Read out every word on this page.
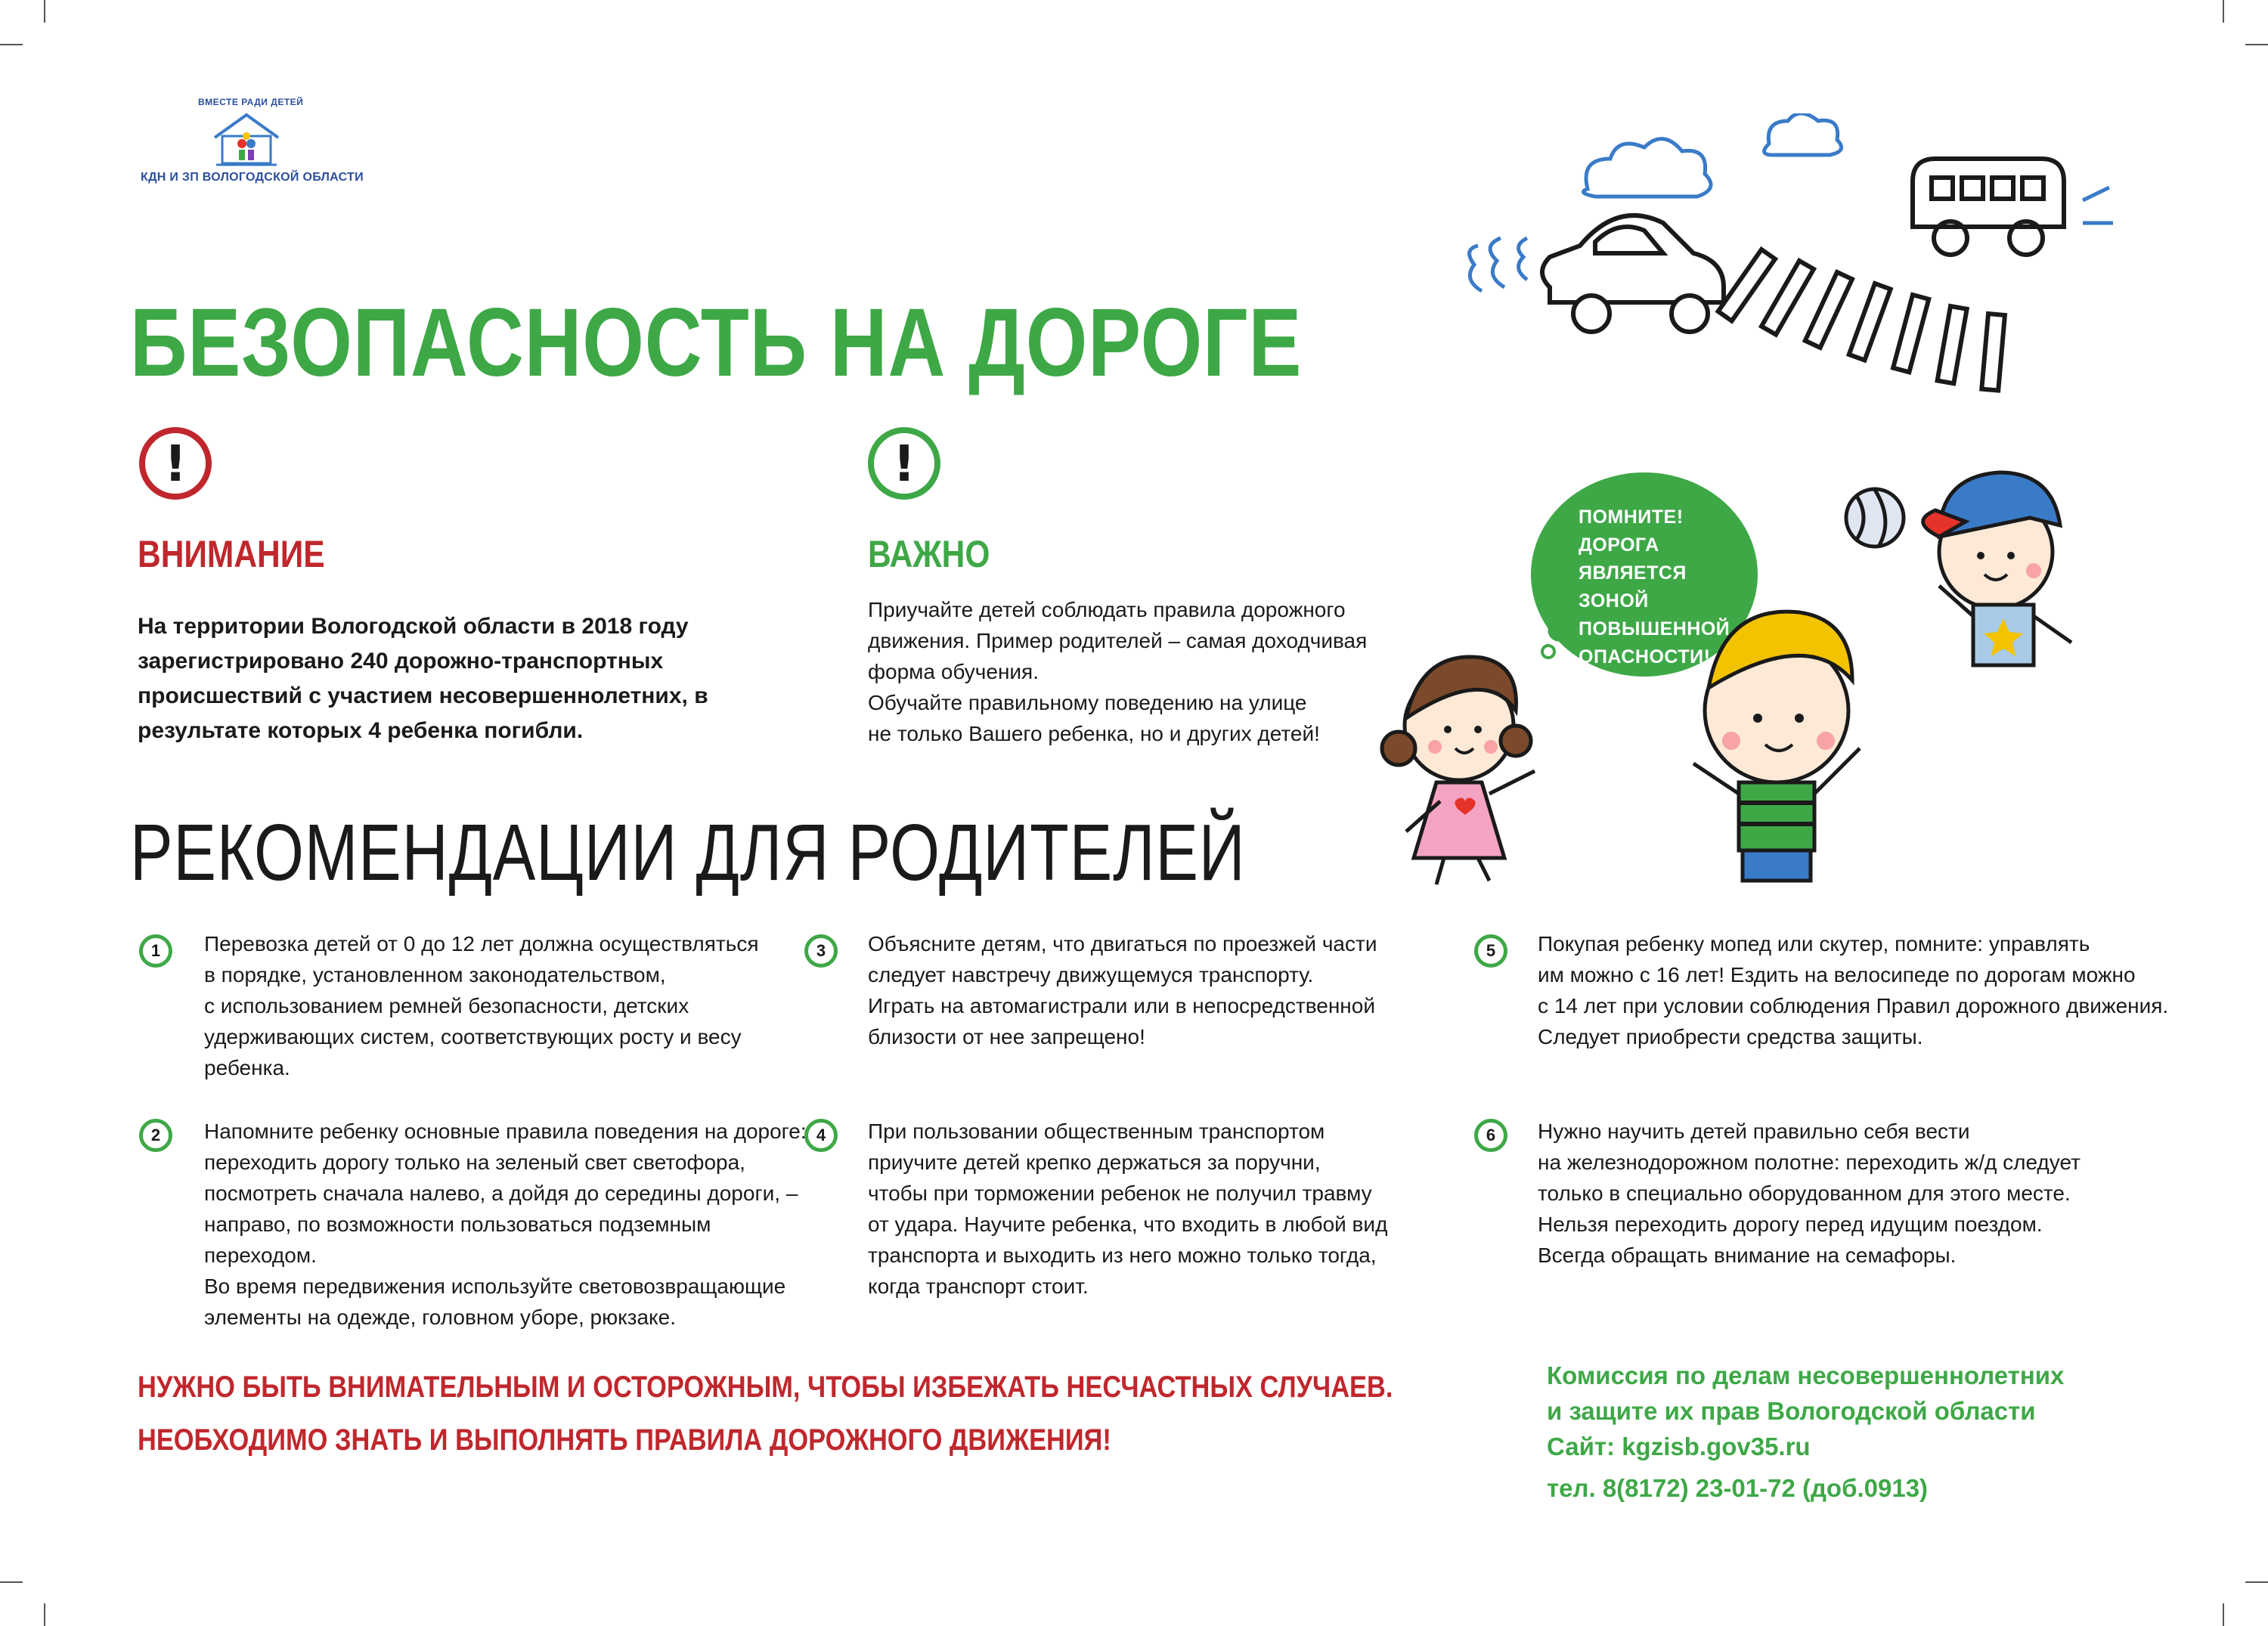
ВМЕСТЕ РАДИ ДЕТЕЙ
КДН И ЗП ВОЛОГОДСКОЙ ОБЛАСТИ
БЕЗОПАСНОСТЬ НА ДОРОГЕ
!
ВНИМАНИЕ
На территории Вологодской области в 2018 году
зарегистрировано 240 дорожно-транспортных
происшествий с участием несовершеннолетних, в
результате которых 4 ребенка погибли.
!
ВАЖНО
Приучайте детей соблюдать правила дорожного
движения. Пример родителей – самая доходчивая
форма обучения.
Обучайте правильному поведению на улице
не только Вашего ребенка, но и других детей!
ПОМНИТЕ!
ДОРОГА
ЯВЛЯЕТСЯ ЗОНОЙ
ПОВЫШЕННОЙ
ОПАСНОСТИ!
РЕКОМЕНДАЦИИ ДЛЯ РОДИТЕЛЕЙ
1 Перевозка детей от 0 до 12 лет должна осуществляться

в порядке, установленном законодательством,

с использованием ремней безопасности, детских

удерживающих систем, соответствующих росту и весу

ребенка.

2 Напомните ребенку основные правила поведения на дороге:

переходить дорогу только на зеленый свет светофора,

посмотреть сначала налево, а дойдя до середины дороги, –

направо, по возможности пользоваться подземным переходом.

Во время передвижения используйте световозвращающие

элементы на одежде, головном уборе, рюкзаке.

3 Объясните детям, что двигаться по проезжей части

следует навстречу движущемуся транспорту.

Играть на автомагистрали или в непосредственной

близости от нее запрещено!

4 При пользовании общественным транспортом

приучите детей крепко держаться за поручни,

чтобы при торможении ребенок не получил травму

от удара. Научите ребенка, что входить в любой вид

транспорта и выходить из него можно только тогда,

когда транспорт стоит.

5 Покупая ребенку мопед или скутер, помните: управлять

им можно с 16 лет! Ездить на велосипеде по дорогам можно

с 14 лет при условии соблюдения Правил дорожного движения.

Следует приобрести средства защиты.

6 Нужно научить детей правильно себя вести

на железнодорожном полотне: переходить ж/д следует

только в специально оборудованном для этого месте.

Нельзя переходить дорогу перед идущим поездом.

Всегда обращать внимание на семафоры.

НУЖНО БЫТЬ ВНИМАТЕЛЬНЫМ И ОСТОРОЖНЫМ, ЧТОБЫ ИЗБЕЖАТЬ НЕСЧАСТНЫХ СЛУЧАЕВ.
НЕОБХОДИМО ЗНАТЬ И ВЫПОЛНЯТЬ ПРАВИЛА ДОРОЖНОГО ДВИЖЕНИЯ!
Комиссия по делам несовершеннолетних
и защите их прав Вологодской области
Сайт: kgzisb.gov35.ru
тел. 8(8172) 23-01-72 (доб.0913)
